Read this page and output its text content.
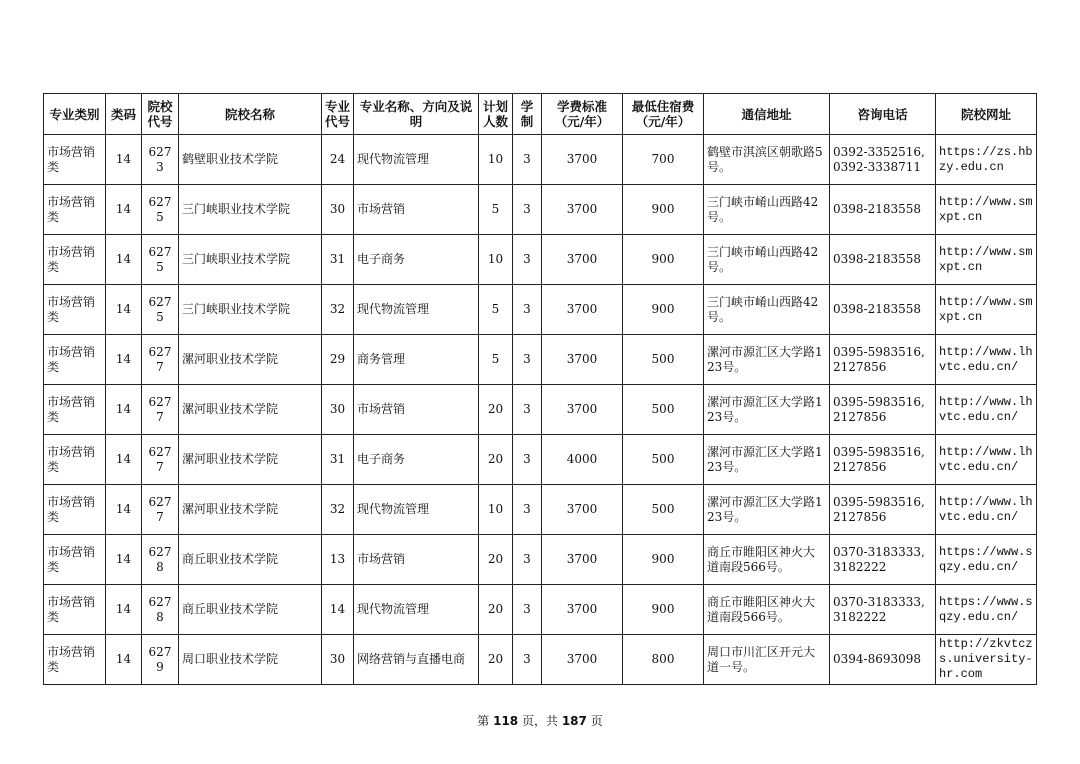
专业类别	类码	院校代号	院校名称	专业代号	专业名称、方向及说明	计划人数	学制	学费标准（元/年）	最低住宿费（元/年）	通信地址	咨询电话	院校网址
市场营销类	14	6273	鹤壁职业技术学院	24	现代物流管理	10	3	3700	700	鹤壁市淇滨区朝歌路5号。	0392-3352516,0392-3338711	https://zs.hbzy.edu.cn
市场营销类	14	6275	三门峡职业技术学院	30	市场营销	5	3	3700	900	三门峡市崤山西路42号。	0398-2183558	http://www.smxpt.cn
市场营销类	14	6275	三门峡职业技术学院	31	电子商务	10	3	3700	900	三门峡市崤山西路42号。	0398-2183558	http://www.smxpt.cn
市场营销类	14	6275	三门峡职业技术学院	32	现代物流管理	5	3	3700	900	三门峡市崤山西路42号。	0398-2183558	http://www.smxpt.cn
市场营销类	14	6277	漯河职业技术学院	29	商务管理	5	3	3700	500	漯河市源汇区大学路123号。	0395-5983516,2127856	http://www.lhvtc.edu.cn/
市场营销类	14	6277	漯河职业技术学院	30	市场营销	20	3	3700	500	漯河市源汇区大学路123号。	0395-5983516,2127856	http://www.lhvtc.edu.cn/
市场营销类	14	6277	漯河职业技术学院	31	电子商务	20	3	4000	500	漯河市源汇区大学路123号。	0395-5983516,2127856	http://www.lhvtc.edu.cn/
市场营销类	14	6277	漯河职业技术学院	32	现代物流管理	10	3	3700	500	漯河市源汇区大学路123号。	0395-5983516,2127856	http://www.lhvtc.edu.cn/
市场营销类	14	6278	商丘职业技术学院	13	市场营销	20	3	3700	900	商丘市睢阳区神火大道南段566号。	0370-3183333,3182222	https://www.sqzy.edu.cn/
市场营销类	14	6278	商丘职业技术学院	14	现代物流管理	20	3	3700	900	商丘市睢阳区神火大道南段566号。	0370-3183333,3182222	https://www.sqzy.edu.cn/
市场营销类	14	6279	周口职业技术学院	30	网络营销与直播电商	20	3	3700	800	周口市川汇区开元大道一号。	0394-8693098	http://zkvtczs.university-hr.com
第 118 页，共 187 页
